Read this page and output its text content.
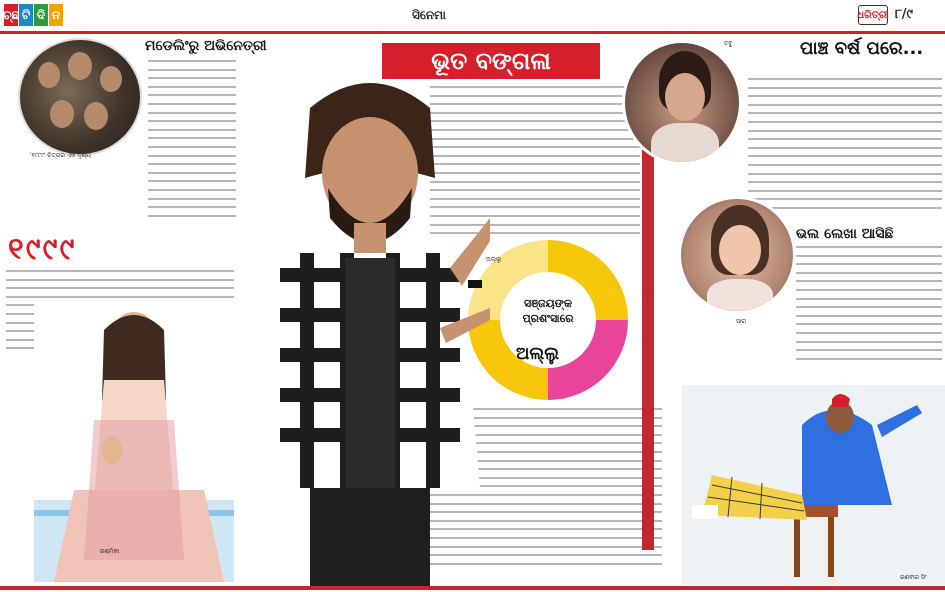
ଚ୍ଛ ଟି ଦି ନ	ସିନେମା	ଧରିତ୍ରୀ ୮/୯
'୧୯୯୯' ଚିତ୍ରର ଏକ ଦୃଶ୍ୟ
ମଡେଲିଂରୁ ଅଭିନେତ୍ରୀ
୧୯୯୯
ରଶ୍ମିକା
ଭୂତ ବଙ୍ଗଳା
ସଞ୍ଜୟଙ୍କ
ପ୍ରଶଂସାରେ
ଅଲ୍ଲୁ
ଅଲ୍ଲୁ
ପାଞ୍ଚ ବର୍ଷ ପରେ...
ତବୁ
ସାରା
ଭଲ ଲେଖା ଆସିଛି
ରଣବୀର ସିଂ
